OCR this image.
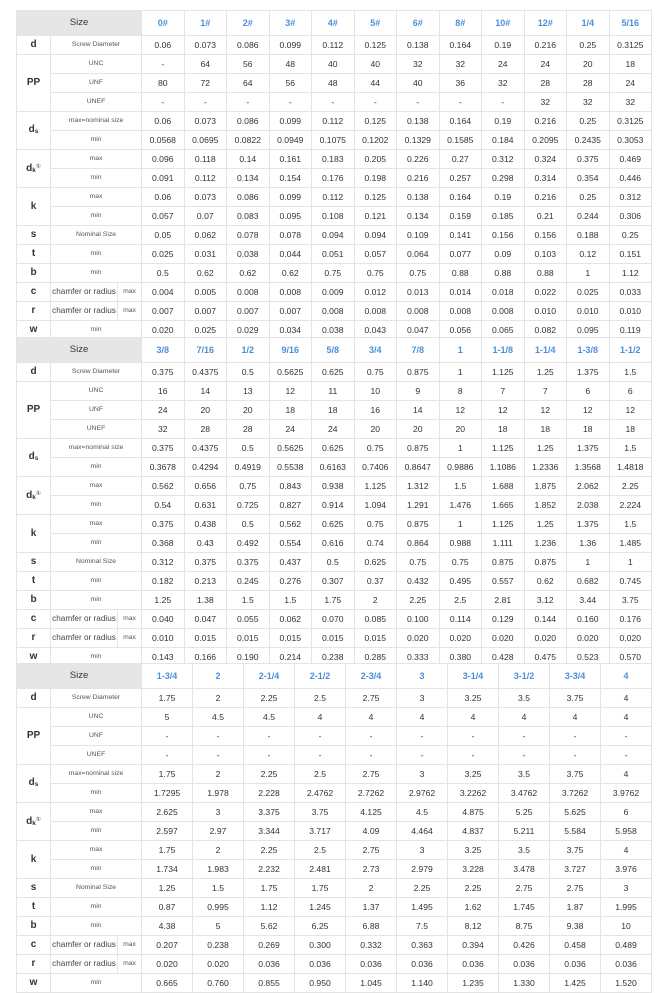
Size			0#	1#	2#	3#	4#	5#	6#	8#	10#	12#	1/4	5/16
d	Screw Diameter		0.06	0.073	0.086	0.099	0.112	0.125	0.138	0.164	0.19	0.216	0.25	0.3125
PP	UNC		-	64	56	48	40	40	32	32	24	24	20	18
	UNF		80	72	64	56	48	44	40	36	32	28	28	24
	UNEF		-	-	-	-	-	-	-	-	-	32	32	32
$d_s$	max=nominal size		0.06	0.073	0.086	0.099	0.112	0.125	0.138	0.164	0.19	0.216	0.25	0.3125
	min		0.0568	0.0695	0.0822	0.0949	0.1075	0.1202	0.1329	0.1585	0.184	0.2095	0.2435	0.3053
$d_k^①$	max		0.096	0.118	0.14	0.161	0.183	0.205	0.226	0.27	0.312	0.324	0.375	0.469
	min		0.091	0.112	0.134	0.154	0.176	0.198	0.216	0.257	0.298	0.314	0.354	0.446
k	max		0.06	0.073	0.086	0.099	0.112	0.125	0.138	0.164	0.19	0.216	0.25	0.312
	min		0.057	0.07	0.083	0.095	0.108	0.121	0.134	0.159	0.185	0.21	0.244	0.306
s	Nominal Size		0.05	0.062	0.078	0.078	0.094	0.094	0.109	0.141	0.156	0.156	0.188	0.25
t	min		0.025	0.031	0.038	0.044	0.051	0.057	0.064	0.077	0.09	0.103	0.12	0.151
b	min		0.5	0.62	0.62	0.62	0.75	0.75	0.75	0.88	0.88	0.88	1	1.12
c	chamfer or radius	max	0.004	0.005	0.008	0.008	0.009	0.012	0.013	0.014	0.018	0.022	0.025	0.033
r	chamfer or radius	max	0.007	0.007	0.007	0.007	0.008	0.008	0.008	0.008	0.008	0.010	0.010	0.010
w	min		0.020	0.025	0.029	0.034	0.038	0.043	0.047	0.056	0.065	0.082	0.095	0.119
Size			3/8	7/16	1/2	9/16	5/8	3/4	7/8	1	1-1/8	1-1/4	1-3/8	1-1/2
d	Screw Diameter		0.375	0.4375	0.5	0.5625	0.625	0.75	0.875	1	1.125	1.25	1.375	1.5
PP	UNC		16	14	13	12	11	10	9	8	7	7	6	6
	UNF		24	20	20	18	18	16	14	12	12	12	12	12
	UNEF		32	28	28	24	24	20	20	20	18	18	18	18
$d_s$	max=nominal size		0.375	0.4375	0.5	0.5625	0.625	0.75	0.875	1	1.125	1.25	1.375	1.5
	min		0.3678	0.4294	0.4919	0.5538	0.6163	0.7406	0.8647	0.9886	1.1086	1.2336	1.3568	1.4818
$d_k^①$	max		0.562	0.656	0.75	0.843	0.938	1.125	1.312	1.5	1.688	1.875	2.062	2.25
	min		0.54	0.631	0.725	0.827	0.914	1.094	1.291	1.476	1.665	1.852	2.038	2.224
k	max		0.375	0.438	0.5	0.562	0.625	0.75	0.875	1	1.125	1.25	1.375	1.5
	min		0.368	0.43	0.492	0.554	0.616	0.74	0.864	0.988	1.111	1.236	1.36	1.485
s	Nominal Size		0.312	0.375	0.375	0.437	0.5	0.625	0.75	0.75	0.875	0.875	1	1
t	min		0.182	0.213	0.245	0.276	0.307	0.37	0.432	0.495	0.557	0.62	0.682	0.745
b	min		1.25	1.38	1.5	1.5	1.75	2	2.25	2.5	2.81	3.12	3.44	3.75
c	chamfer or radius	max	0.040	0.047	0.055	0.062	0.070	0.085	0.100	0.114	0.129	0.144	0.160	0.176
r	chamfer or radius	max	0.010	0.015	0.015	0.015	0.015	0.015	0.020	0.020	0.020	0.020	0.020	0.020
w	min		0.143	0.166	0.190	0.214	0.238	0.285	0.333	0.380	0.428	0.475	0.523	0.570
Size			1-3/4	2	2-1/4	2-1/2	2-3/4	3	3-1/4	3-1/2	3-3/4	4
d	Screw Diameter		1.75	2	2.25	2.5	2.75	3	3.25	3.5	3.75	4
PP	UNC		5	4.5	4.5	4	4	4	4	4	4	4
	UNF		-	-	-	-	-	-	-	-	-	-
	UNEF		-	-	-	-	-	-	-	-	-	-
$d_s$	max=nominal size		1.75	2	2.25	2.5	2.75	3	3.25	3.5	3.75	4
	min		1.7295	1.978	2.228	2.4762	2.7262	2.9762	3.2262	3.4762	3.7262	3.9762
$d_k^①$	max		2.625	3	3.375	3.75	4.125	4.5	4.875	5.25	5.625	6
	min		2.597	2.97	3.344	3.717	4.09	4.464	4.837	5.211	5.584	5.958
k	max		1.75	2	2.25	2.5	2.75	3	3.25	3.5	3.75	4
	min		1.734	1.983	2.232	2.481	2.73	2.979	3.228	3.478	3.727	3.976
s	Nominal Size		1.25	1.5	1.75	1.75	2	2.25	2.25	2.75	2.75	3
t	min		0.87	0.995	1.12	1.245	1.37	1.495	1.62	1.745	1.87	1.995
b	min		4.38	5	5.62	6.25	6.88	7.5	8.12	8.75	9.38	10
c	chamfer or radius	max	0.207	0.238	0.269	0.300	0.332	0.363	0.394	0.426	0.458	0.489
r	chamfer or radius	max	0.020	0.020	0.036	0.036	0.036	0.036	0.036	0.036	0.036	0.036
w	min		0.665	0.760	0.855	0.950	1.045	1.140	1.235	1.330	1.425	1.520
